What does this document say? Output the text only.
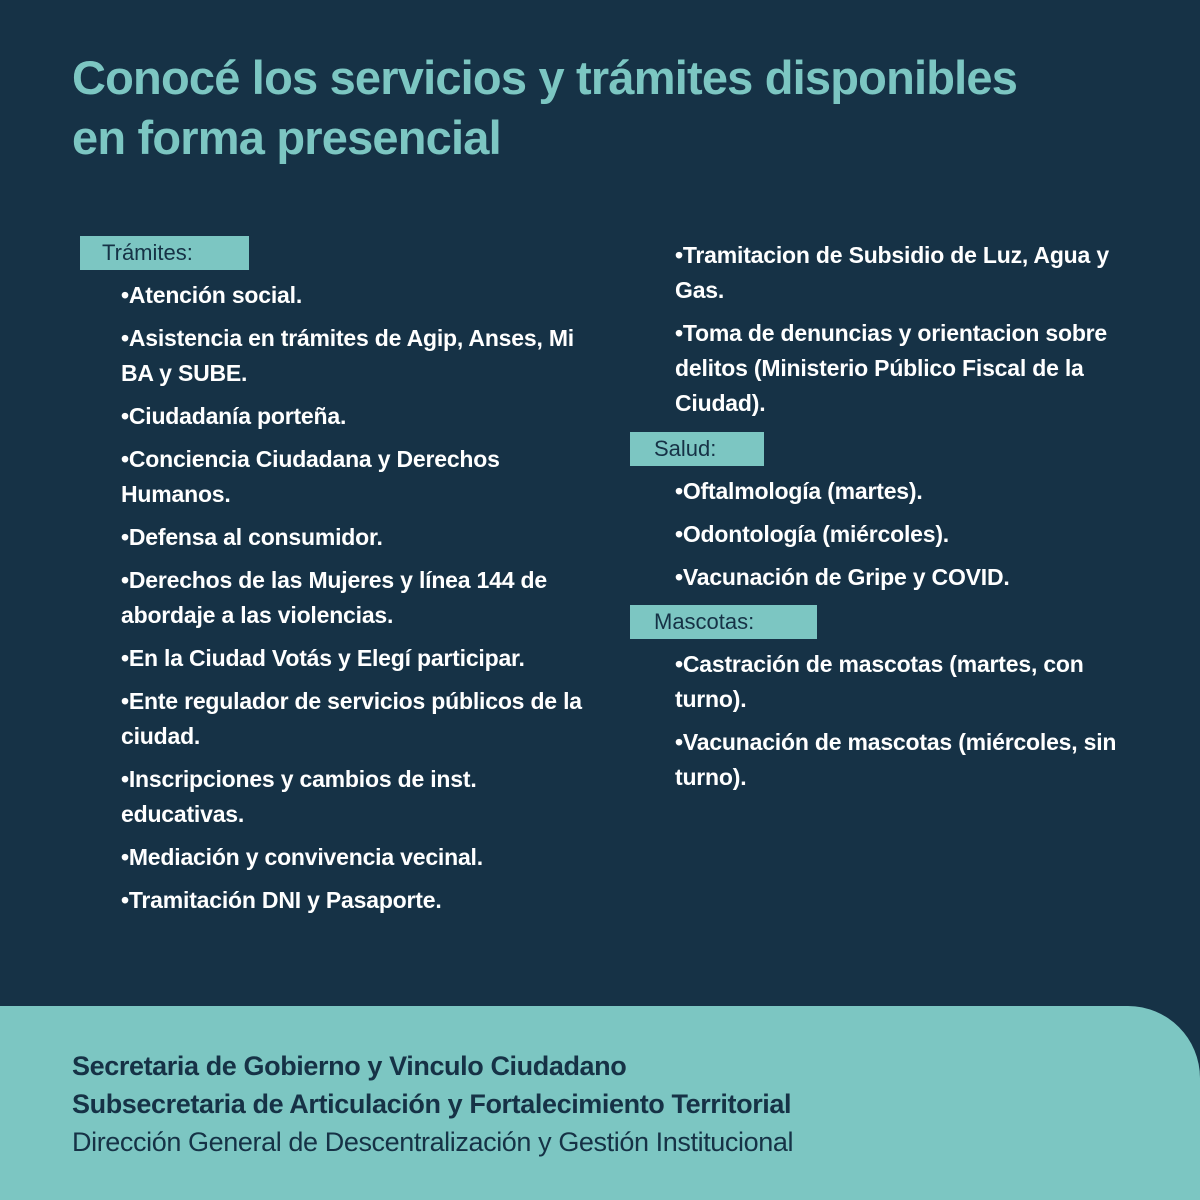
Conocé los servicios y trámites disponibles
en forma presencial
Trámites:
•Atención social.
•Asistencia en trámites de Agip, Anses, Mi BA y SUBE.
•Ciudadanía porteña.
•Conciencia Ciudadana y Derechos Humanos.
•Defensa al consumidor.
•Derechos de las Mujeres y línea 144 de abordaje a las violencias.
•En la Ciudad Votás y Elegí participar.
•Ente regulador de servicios públicos de la ciudad.
•Inscripciones y cambios de inst. educativas.
•Mediación y convivencia vecinal.
•Tramitación DNI y Pasaporte.
•Tramitacion de Subsidio de Luz, Agua y Gas.
•Toma de denuncias y orientacion sobre delitos (Ministerio Público Fiscal de la Ciudad).
Salud:
•Oftalmología (martes).
•Odontología (miércoles).
•Vacunación de Gripe y COVID.
Mascotas:
•Castración de mascotas (martes, con turno).
•Vacunación de mascotas (miércoles, sin turno).
Secretaria de Gobierno y Vinculo Ciudadano
Subsecretaria de Articulación y Fortalecimiento Territorial
Dirección General de Descentralización y Gestión Institucional
